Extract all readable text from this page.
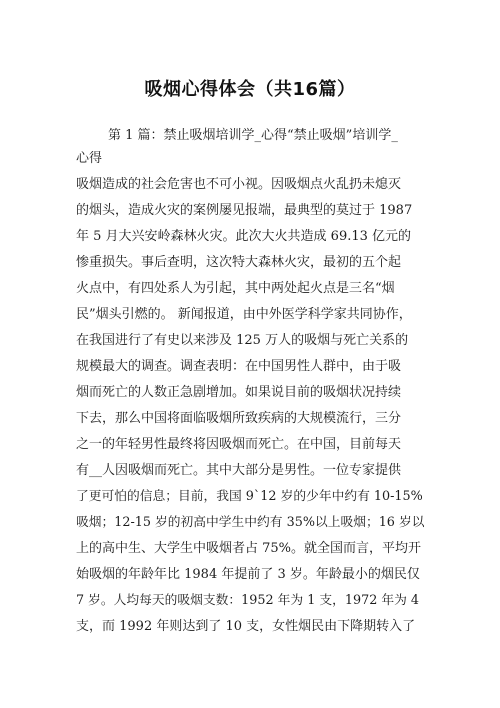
吸烟心得体会（共16篇）
第 1 篇：禁止吸烟培训学_心得“禁止吸烟”培训学_
心得
吸烟造成的社会危害也不可小视。因吸烟点火乱扔未熄灭
的烟头，造成火灾的案例屡见报端，最典型的莫过于 1987
年 5 月大兴安岭森林火灾。此次大火共造成 69.13 亿元的
惨重损失。事后查明，这次特大森林火灾，最初的五个起
火点中，有四处系人为引起，其中两处起火点是三名“烟
民”烟头引燃的。 新闻报道，由中外医学科学家共同协作，
在我国进行了有史以来涉及 125 万人的吸烟与死亡关系的
规模最大的调查。调查表明：在中国男性人群中，由于吸
烟而死亡的人数正急剧增加。如果说目前的吸烟状况持续
下去，那么中国将面临吸烟所致疾病的大规模流行，三分
之一的年轻男性最终将因吸烟而死亡。在中国，目前每天
有__人因吸烟而死亡。其中大部分是男性。一位专家提供
了更可怕的信息；目前，我国 9`12 岁的少年中约有 10-15%
吸烟；12-15 岁的初高中学生中约有 35%以上吸烟；16 岁以
上的高中生、大学生中吸烟者占 75%。就全国而言，平均开
始吸烟的年龄年比 1984 年提前了 3 岁。年龄最小的烟民仅
7 岁。人均每天的吸烟支数：1952 年为 1 支，1972 年为 4
支，而 1992 年则达到了 10 支，女性烟民由下降期转入了
